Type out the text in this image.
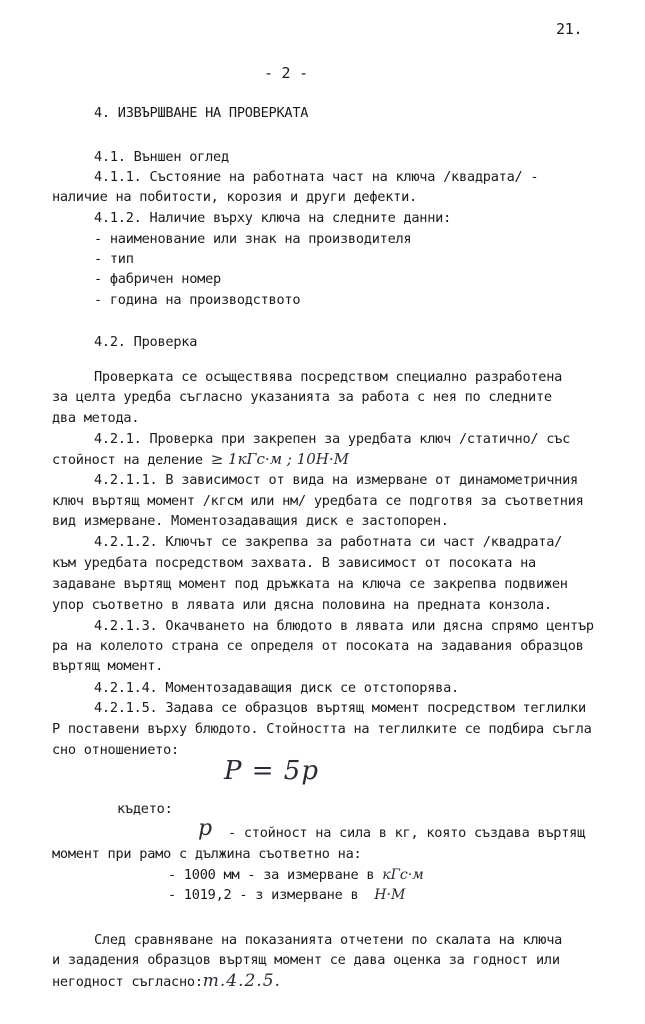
21.
- 2 -
4. ИЗВЪРШВАНЕ НА ПРОВЕРКАТА
4.1. Външен оглед
4.1.1. Състояние на работната част на ключа /квадрата/ -
наличие на побитости, корозия и други дефекти.
4.1.2. Наличие върху ключа на следните данни:
- наименование или знак на производителя
- тип
- фабричен номер
- година на производството
4.2. Проверка
Проверката се осъществява посредством специално разработена
за целта уредба съгласно указанията за работа с нея по следните
два метода.
4.2.1. Проверка при закрепен за уредбата ключ /статично/ със
стойност на деление ≥ 1кГс·м ; 10Н·М
4.2.1.1. В зависимост от вида на измерване от динамометричния
ключ въртящ момент /кгсм или нм/ уредбата се подготвя за съответния
вид измерване. Моментозадаващия диск е застопорен.
4.2.1.2. Ключът се закрепва за работната си част /квадрата/
към уредбата посредством захвата. В зависимост от посоката на
задаване въртящ момент под дръжката на ключа се закрепва подвижен
упор съответно в лявата или дясна половина на предната конзола.
4.2.1.3. Окачването на блюдото в лявата или дясна спрямо център
ра на колелото страна се определя от посоката на задавания образцов
въртящ момент.
4.2.1.4. Моментозадаващия диск се отстопорява.
4.2.1.5. Задава се образцов въртящ момент посредством теглилки
Р поставени върху блюдото. Стойността на теглилките се подбира съгла
сно отношението:
P = 5p
където:
p - стойност на сила в кг, която създава въртящ
момент при рамо с дължина съответно на:
- 1000 мм - за измерване в кГс·м
- 1019,2 - з измерване в Н·М
След сравняване на показанията отчетени по скалата на ключа
и зададения образцов въртящ момент се дава оценка за годност или
негодност съгласно:т.4.2.5.
